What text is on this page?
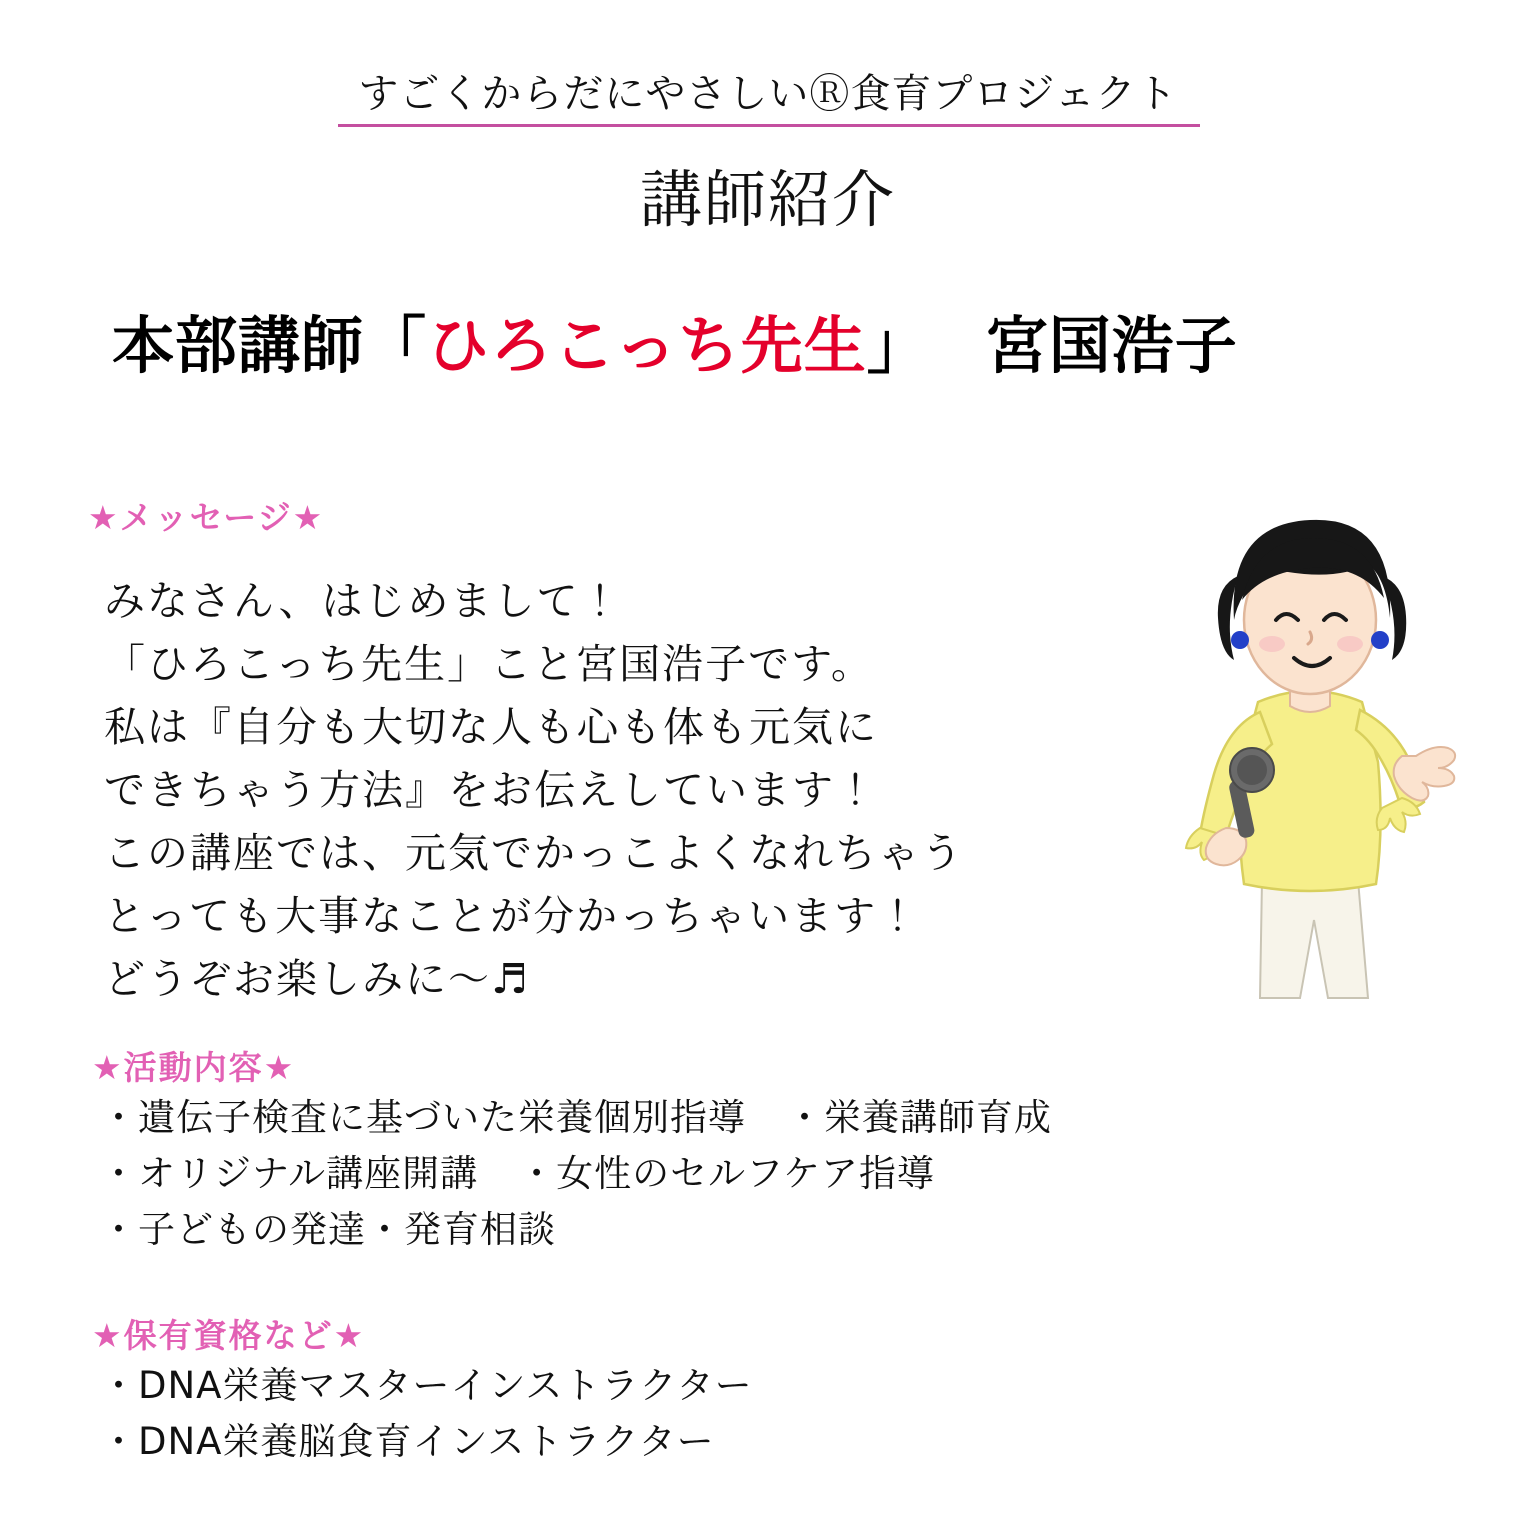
すごくからだにやさしいⓇ食育プロジェクト
講師紹介
本部講師「ひろこっち先生」 宮国浩子
★メッセージ★
みなさん、はじめまして！
「ひろこっち先生」こと宮国浩子です。
私は『自分も大切な人も心も体も元気に
できちゃう方法』をお伝えしています！
この講座では、元気でかっこよくなれちゃう
とっても大事なことが分かっちゃいます！
どうぞお楽しみに～♬
★活動内容★
・遺伝子検査に基づいた栄養個別指導 ・栄養講師育成
・オリジナル講座開講 ・女性のセルフケア指導
・子どもの発達・発育相談
★保有資格など★
・DNA栄養マスターインストラクター
・DNA栄養脳食育インストラクター
